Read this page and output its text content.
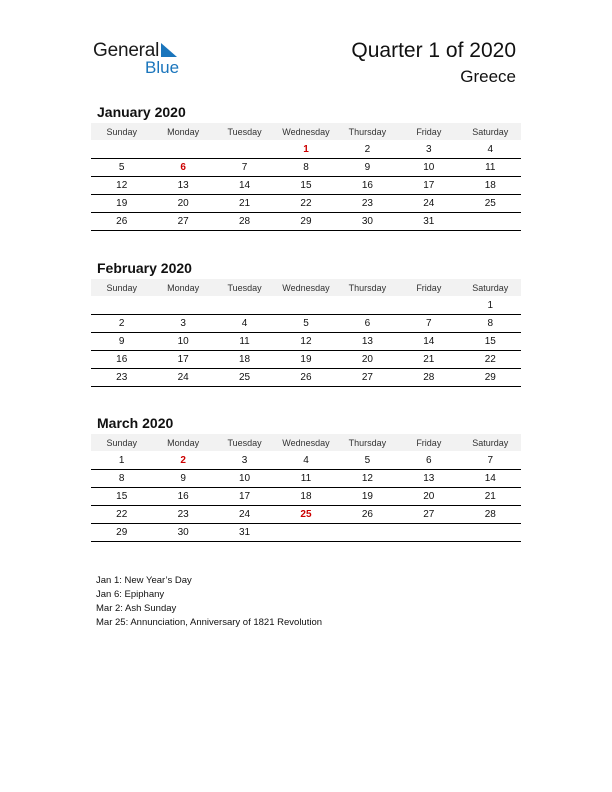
General
Blue
Quarter 1 of 2020
Greece
January 2020
Sunday	Monday	Tuesday	Wednesday	Thursday	Friday	Saturday
			1	2	3	4
5	6	7	8	9	10	11
12	13	14	15	16	17	18
19	20	21	22	23	24	25
26	27	28	29	30	31	
February 2020
Sunday	Monday	Tuesday	Wednesday	Thursday	Friday	Saturday
						1
2	3	4	5	6	7	8
9	10	11	12	13	14	15
16	17	18	19	20	21	22
23	24	25	26	27	28	29
March 2020
Sunday	Monday	Tuesday	Wednesday	Thursday	Friday	Saturday
1	2	3	4	5	6	7
8	9	10	11	12	13	14
15	16	17	18	19	20	21
22	23	24	25	26	27	28
29	30	31				
Jan 1: New Year’s Day
Jan 6: Epiphany
Mar 2: Ash Sunday
Mar 25: Annunciation, Anniversary of 1821 Revolution
